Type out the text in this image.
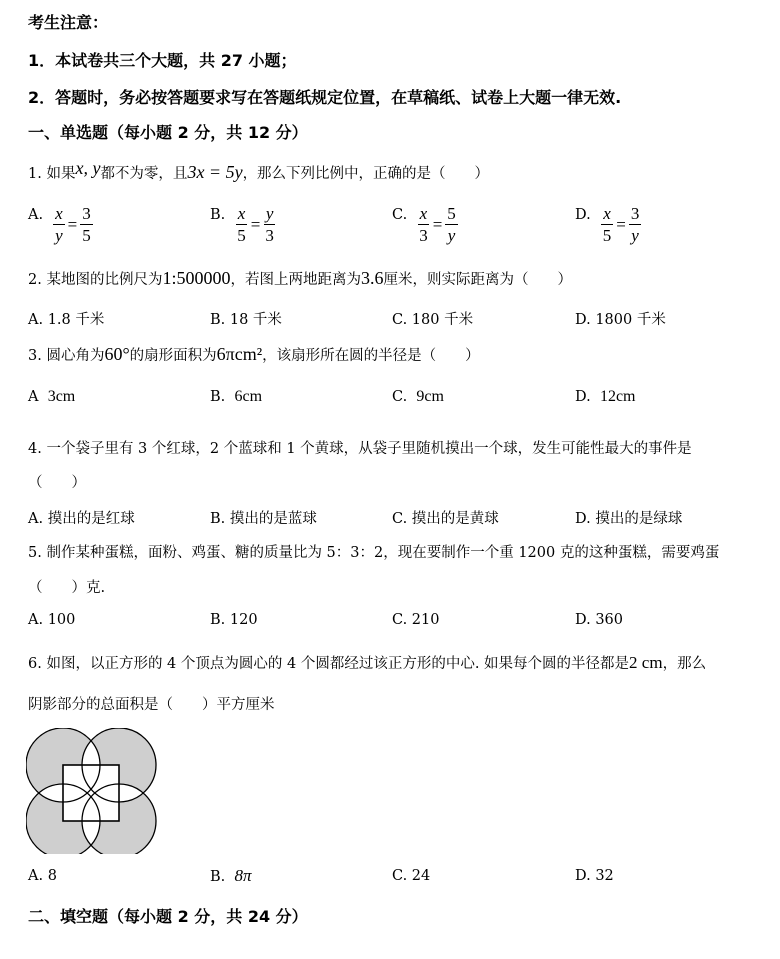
考生注意：
1．本试卷共三个大题，共 27 小题；
2．答题时，务必按答题要求写在答题纸规定位置，在草稿纸、试卷上大题一律无效.
一、单选题（每小题 2 分，共 12 分）
1. 如果x, y都不为零，且3x = 5y，那么下列比例中，正确的是（　　）
A. $\frac{x}{y} = \frac{3}{5}$	B. $\frac{x}{5} = \frac{y}{3}$	C. $\frac{x}{3} = \frac{5}{y}$	D. $\frac{x}{5} = \frac{3}{y}$
2. 某地图的比例尺为1:500000，若图上两地距离为3.6厘米，则实际距离为（　　）
A. 1.8 千米	B. 18 千米	C. 180 千米	D. 1800 千米
3. 圆心角为60°的扇形面积为6πcm²，该扇形所在圆的半径是（　　）
A 3cm	B. 6cm	C. 9cm	D. 12cm
4. 一个袋子里有 3 个红球，2 个蓝球和 1 个黄球，从袋子里随机摸出一个球，发生可能性最大的事件是
（　　）
A. 摸出的是红球	B. 摸出的是蓝球	C. 摸出的是黄球	D. 摸出的是绿球
5. 制作某种蛋糕，面粉、鸡蛋、糖的质量比为 5：3：2，现在要制作一个重 1200 克的这种蛋糕，需要鸡蛋
（　　）克.
A. 100	B. 120	C. 210	D. 360
6. 如图，以正方形的 4 个顶点为圆心的 4 个圆都经过该正方形的中心. 如果每个圆的半径都是2 cm，那么
阴影部分的总面积是（　　）平方厘米
A. 8	B. 8π	C. 24	D. 32
二、填空题（每小题 2 分，共 24 分）
